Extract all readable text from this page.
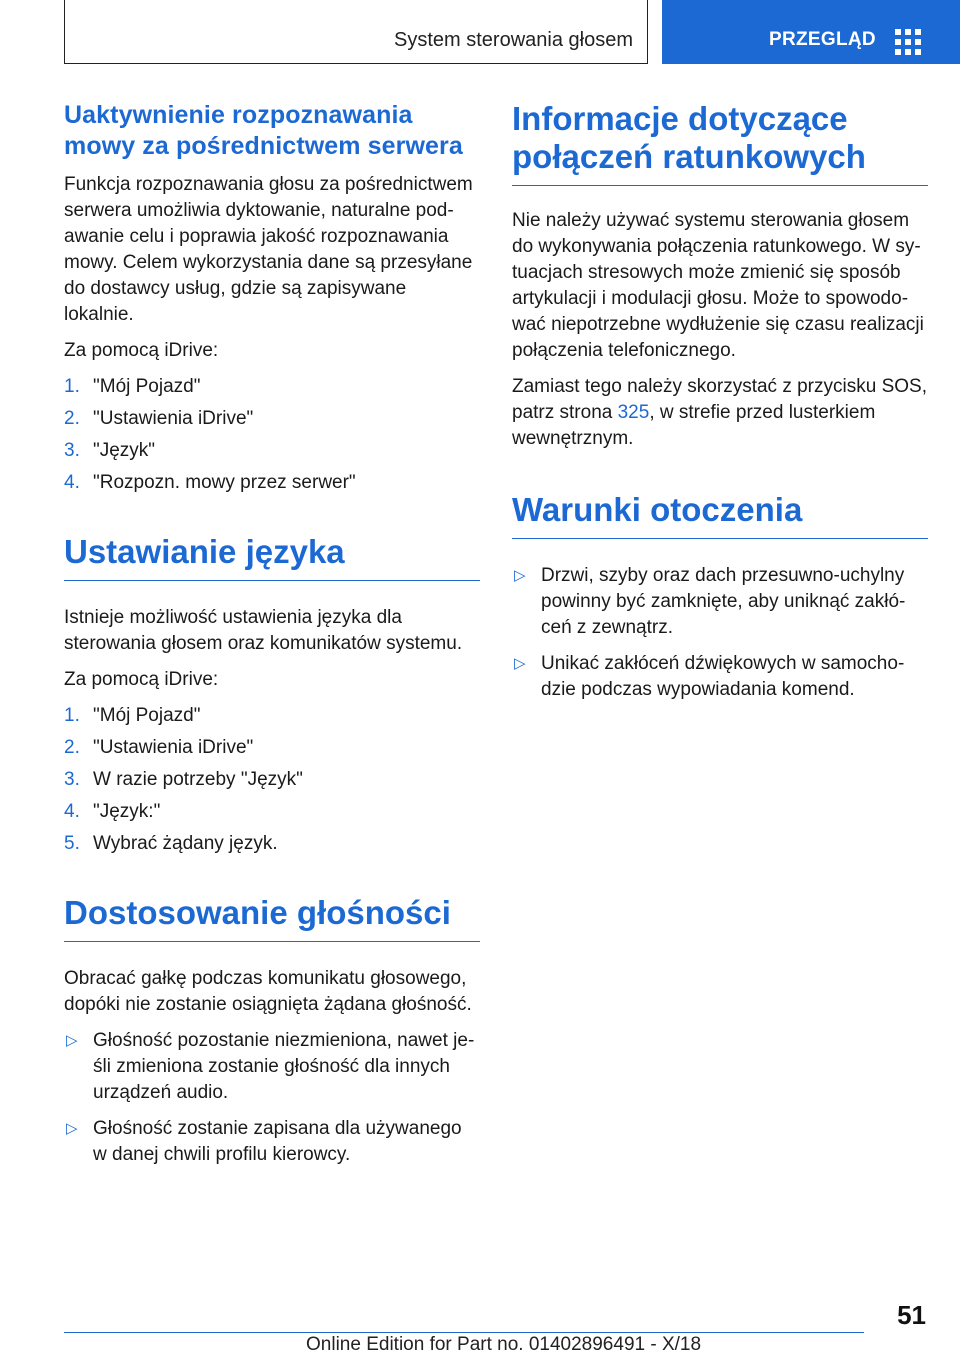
System sterowania głosem	PRZEGLĄD
Uaktywnienie rozpoznawania
mowy za pośrednictwem serwera

Funkcja rozpoznawania głosu za pośrednictwem serwera umożliwia dyktowanie, naturalne podawanie celu i poprawia jakość rozpoznawania mowy. Celem wykorzystania dane są przesyłane do dostawcy usług, gdzie są zapisywane lokalnie.

Za pomocą iDrive:

1. "Mój Pojazd"
2. "Ustawienia iDrive"
3. "Język"
4. "Rozpozn. mowy przez serwer"
Ustawianie języka

Istnieje możliwość ustawienia języka dla sterowania głosem oraz komunikatów systemu.

Za pomocą iDrive:

1. "Mój Pojazd"
2. "Ustawienia iDrive"
3. W razie potrzeby "Język"
4. "Język:"
5. Wybrać żądany język.
Dostosowanie głośności

Obracać gałkę podczas komunikatu głosowego, dopóki nie zostanie osiągnięta żądana głośność.

▷ Głośność pozostanie niezmieniona, nawet jeśli zmieniona zostanie głośność dla innych urządzeń audio.
▷ Głośność zostanie zapisana dla używanego w danej chwili profilu kierowcy.
Informacje dotyczące
połączeń ratunkowych

Nie należy używać systemu sterowania głosem do wykonywania połączenia ratunkowego. W sytuacjach stresowych może zmienić się sposób artykulacji i modulacji głosu. Może to spowodować niepotrzebne wydłużenie się czasu realizacji połączenia telefonicznego.

Zamiast tego należy skorzystać z przycisku SOS, patrz strona 325, w strefie przed lusterkiem wewnętrznym.

Warunki otoczenia
▷ Drzwi, szyby oraz dach przesuwno-uchylny powinny być zamknięte, aby uniknąć zakłóceń z zewnątrz.
▷ Unikać zakłóceń dźwiękowych w samochodzie podczas wypowiadania komend.
51
Online Edition for Part no. 01402896491 - X/18
